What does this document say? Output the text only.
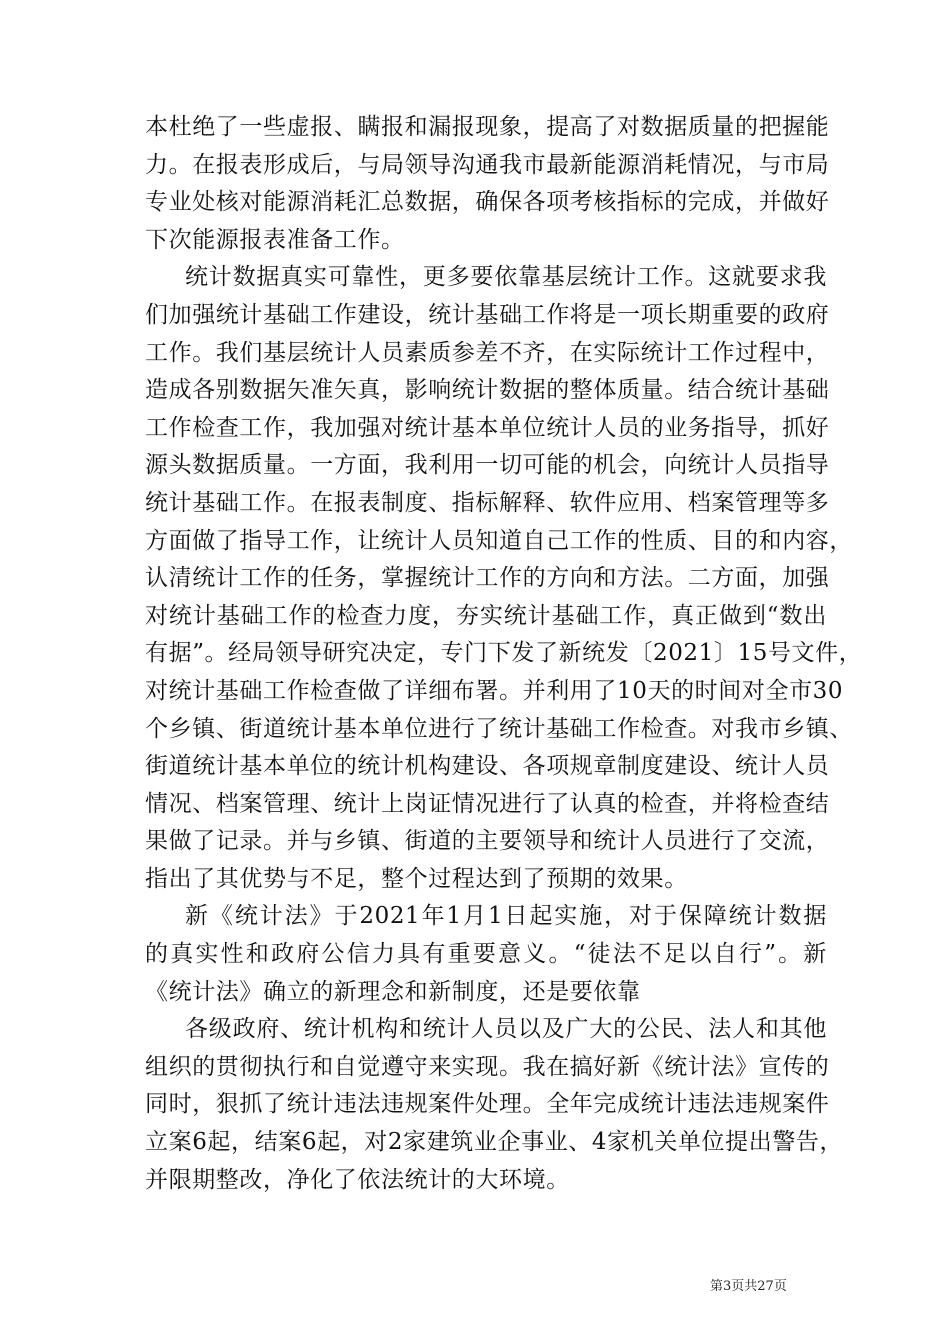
本杜绝了一些虚报、瞒报和漏报现象，提高了对数据质量的把握能
力。在报表形成后，与局领导沟通我市最新能源消耗情况，与市局
专业处核对能源消耗汇总数据，确保各项考核指标的完成，并做好
下次能源报表准备工作。
统计数据真实可靠性，更多要依靠基层统计工作。这就要求我
们加强统计基础工作建设，统计基础工作将是一项长期重要的政府
工作。我们基层统计人员素质参差不齐，在实际统计工作过程中，
造成各别数据矢准矢真，影响统计数据的整体质量。结合统计基础
工作检查工作，我加强对统计基本单位统计人员的业务指导，抓好
源头数据质量。一方面，我利用一切可能的机会，向统计人员指导
统计基础工作。在报表制度、指标解释、软件应用、档案管理等多
方面做了指导工作，让统计人员知道自己工作的性质、目的和内容，
认清统计工作的任务，掌握统计工作的方向和方法。二方面，加强
对统计基础工作的检查力度，夯实统计基础工作，真正做到“数出
有据”。经局领导研究决定，专门下发了新统发〔2021〕15号文件，
对统计基础工作检查做了详细布署。并利用了10天的时间对全市30
个乡镇、街道统计基本单位进行了统计基础工作检查。对我市乡镇、
街道统计基本单位的统计机构建设、各项规章制度建设、统计人员
情况、档案管理、统计上岗证情况进行了认真的检查，并将检查结
果做了记录。并与乡镇、街道的主要领导和统计人员进行了交流，
指出了其优势与不足，整个过程达到了预期的效果。
新《统计法》于2021年1月1日起实施，对于保障统计数据
的真实性和政府公信力具有重要意义。“徒法不足以自行”。新
《统计法》确立的新理念和新制度，还是要依靠
各级政府、统计机构和统计人员以及广大的公民、法人和其他
组织的贯彻执行和自觉遵守来实现。我在搞好新《统计法》宣传的
同时，狠抓了统计违法违规案件处理。全年完成统计违法违规案件
立案6起，结案6起，对2家建筑业企事业、4家机关单位提出警告，
并限期整改，净化了依法统计的大环境。
第3页共27页
